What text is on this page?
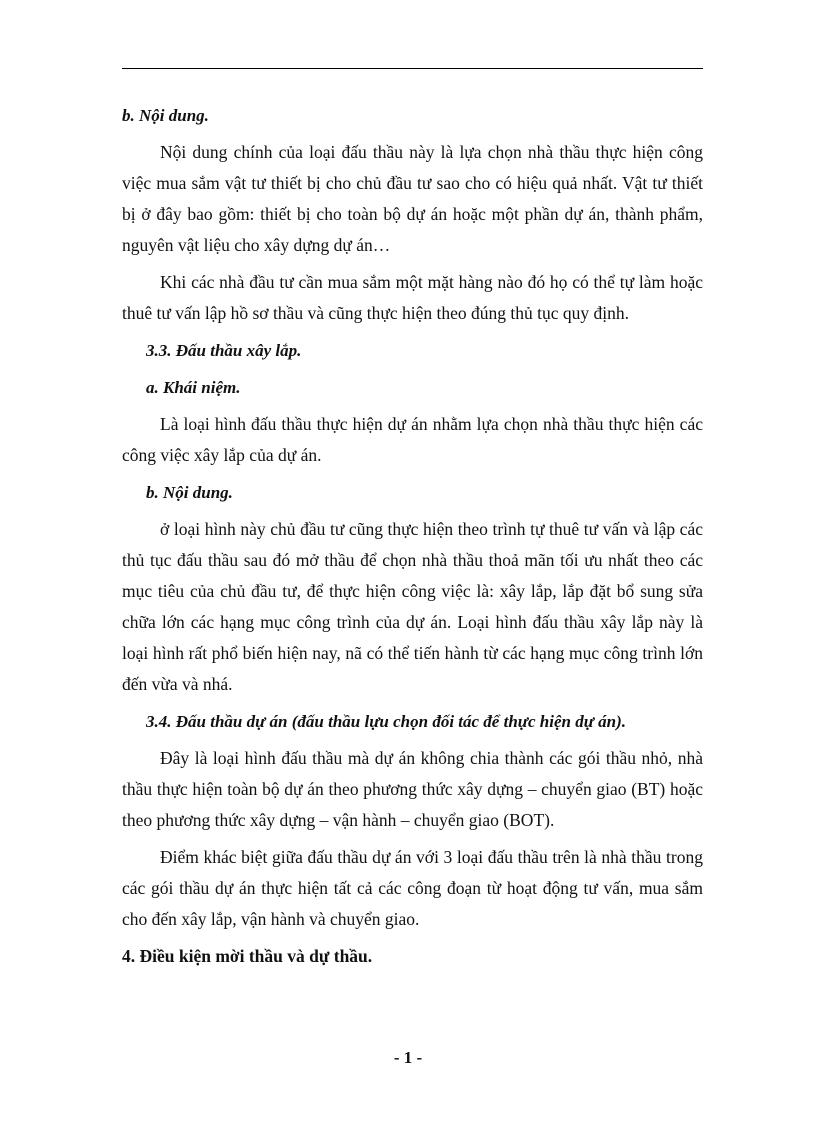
b. Nội dung.

Nội dung chính của loại đấu thầu này là lựa chọn nhà thầu thực hiện công việc mua sắm vật tư thiết bị cho chủ đầu tư sao cho có hiệu quả nhất. Vật tư thiết bị ở đây bao gồm: thiết bị cho toàn bộ dự án hoặc một phần dự án, thành phẩm, nguyên vật liệu cho xây dựng dự án…

Khi các nhà đầu tư cần mua sắm một mặt hàng nào đó họ có thể tự làm hoặc thuê tư vấn lập hồ sơ thầu và cũng thực hiện theo đúng thủ tục quy định.

3.3. Đấu thầu xây lắp.
a. Khái niệm.

Là loại hình đấu thầu thực hiện dự án nhằm lựa chọn nhà thầu thực hiện các công việc xây lắp của dự án.

b. Nội dung.

ở loại hình này chủ đầu tư cũng thực hiện theo trình tự thuê tư vấn và lập các thủ tục đấu thầu sau đó mở thầu để chọn nhà thầu thoả mãn tối ưu nhất theo các mục tiêu của chủ đầu tư, để thực hiện công việc là: xây lắp, lắp đặt bổ sung sửa chữa lớn các hạng mục công trình của dự án. Loại hình đấu thầu xây lắp này là loại hình rất phổ biến hiện nay, nã có thể tiến hành từ các hạng mục công trình lớn đến vừa và nhá.

3.4. Đấu thầu dự án (đấu thầu lựu chọn đối tác để thực hiện dự án).

Đây là loại hình đấu thầu mà dự án không chia thành các gói thầu nhỏ, nhà thầu thực hiện toàn bộ dự án theo phương thức xây dựng – chuyển giao (BT) hoặc theo phương thức xây dựng – vận hành – chuyển giao (BOT).

Điểm khác biệt giữa đấu thầu dự án với 3 loại đấu thầu trên là nhà thầu trong các gói thầu dự án thực hiện tất cả các công đoạn từ hoạt động tư vấn, mua sắm cho đến xây lắp, vận hành và chuyển giao.

4. Điều kiện mời thầu và dự thầu.
- 1 -
